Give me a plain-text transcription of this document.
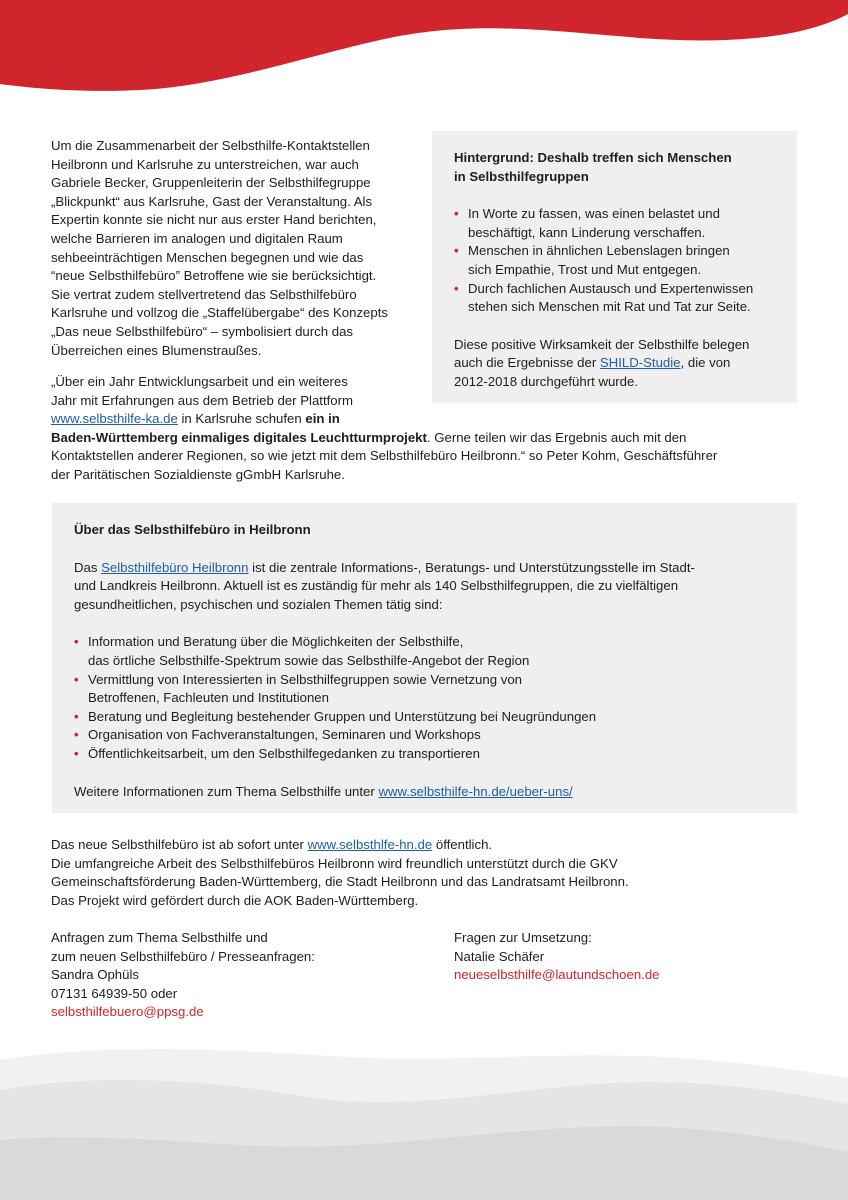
Um die Zusammenarbeit der Selbsthilfe-Kontaktstellen
Heilbronn und Karlsruhe zu unterstreichen, war auch
Gabriele Becker, Gruppenleiterin der Selbsthilfegruppe
„Blickpunkt“ aus Karlsruhe, Gast der Veranstaltung. Als
Expertin konnte sie nicht nur aus erster Hand berichten,
welche Barrieren im analogen und digitalen Raum
sehbeeinträchtigen Menschen begegnen und wie das
“neue Selbsthilfebüro” Betroffene wie sie berücksichtigt.
Sie vertrat zudem stellvertretend das Selbsthilfebüro
Karlsruhe und vollzog die „Staffelübergabe“ des Konzepts
„Das neue Selbsthilfebüro“ – symbolisiert durch das
Überreichen eines Blumenstraußes.
Hintergrund: Deshalb treffen sich Menschen
in Selbsthilfegruppen
• In Worte zu fassen, was einen belastet und
beschäftigt, kann Linderung verschaffen.
• Menschen in ähnlichen Lebenslagen bringen
sich Empathie, Trost und Mut entgegen.
• Durch fachlichen Austausch und Expertenwissen
stehen sich Menschen mit Rat und Tat zur Seite.
Diese positive Wirksamkeit der Selbsthilfe belegen
auch die Ergebnisse der SHILD-Studie, die von
2012-2018 durchgeführt wurde.
„Über ein Jahr Entwicklungsarbeit und ein weiteres
Jahr mit Erfahrungen aus dem Betrieb der Plattform
www.selbsthilfe-ka.de in Karlsruhe schufen ein in
Baden-Württemberg einmaliges digitales Leuchtturmprojekt. Gerne teilen wir das Ergebnis auch mit den
Kontaktstellen anderer Regionen, so wie jetzt mit dem Selbsthilfebüro Heilbronn.“ so Peter Kohm, Geschäftsführer
der Paritätischen Sozialdienste gGmbH Karlsruhe.
Über das Selbsthilfebüro in Heilbronn
Das Selbsthilfebüro Heilbronn ist die zentrale Informations-, Beratungs- und Unterstützungsstelle im Stadt-
und Landkreis Heilbronn. Aktuell ist es zuständig für mehr als 140 Selbsthilfegruppen, die zu vielfältigen
gesundheitlichen, psychischen und sozialen Themen tätig sind:
• Information und Beratung über die Möglichkeiten der Selbsthilfe,
das örtliche Selbsthilfe-Spektrum sowie das Selbsthilfe-Angebot der Region
• Vermittlung von Interessierten in Selbsthilfegruppen sowie Vernetzung von
Betroffenen, Fachleuten und Institutionen
• Beratung und Begleitung bestehender Gruppen und Unterstützung bei Neugründungen
• Organisation von Fachveranstaltungen, Seminaren und Workshops
• Öffentlichkeitsarbeit, um den Selbsthilfegedanken zu transportieren
Weitere Informationen zum Thema Selbsthilfe unter www.selbsthilfe-hn.de/ueber-uns/
Das neue Selbsthilfebüro ist ab sofort unter www.selbsthlfe-hn.de öffentlich.
Die umfangreiche Arbeit des Selbsthilfebüros Heilbronn wird freundlich unterstützt durch die GKV
Gemeinschaftsförderung Baden-Württemberg, die Stadt Heilbronn und das Landratsamt Heilbronn.
Das Projekt wird gefördert durch die AOK Baden-Württemberg.
Anfragen zum Thema Selbsthilfe und
zum neuen Selbsthilfebüro / Presseanfragen:
Sandra Ophüls
07131 64939-50 oder
selbsthilfebuero@ppsg.de
Fragen zur Umsetzung:
Natalie Schäfer
neueselbsthilfe@lautundschoen.de
